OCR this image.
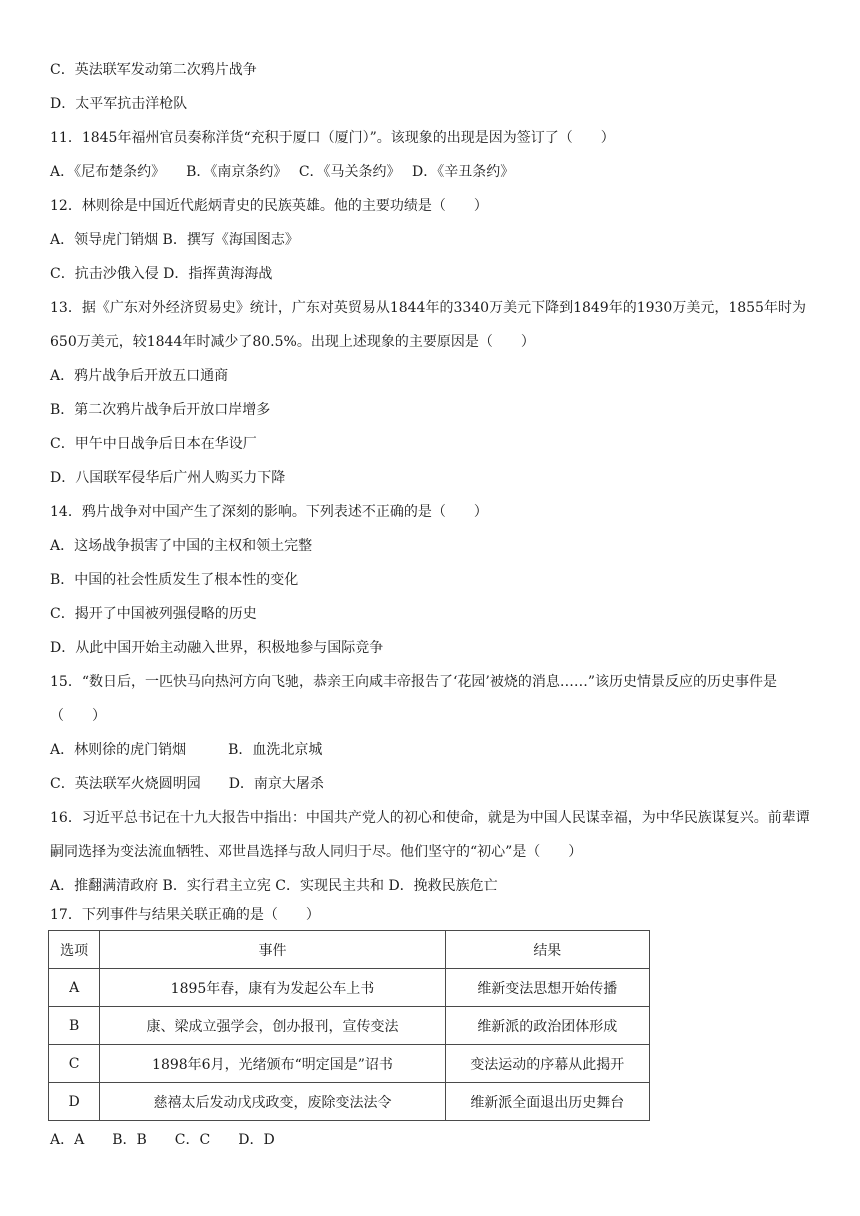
C．英法联军发动第二次鸦片战争
D．太平军抗击洋枪队
11．1845年福州官员奏称洋货“充积于厦口（厦门）”。该现象的出现是因为签订了（　　）
A．《尼布楚条约》　　B．《南京条约》　 C．《马关条约》　 D．《辛丑条约》
12．林则徐是中国近代彪炳青史的民族英雄。他的主要功绩是（　　）
A．领导虎门销烟 B．撰写《海国图志》
C．抗击沙俄入侵 D．指挥黄海海战
13．据《广东对外经济贸易史》统计，广东对英贸易从1844年的3340万美元下降到1849年的1930万美元，1855年时为650万美元，较1844年时减少了80.5%。出现上述现象的主要原因是（　　）
A．鸦片战争后开放五口通商
B．第二次鸦片战争后开放口岸增多
C．甲午中日战争后日本在华设厂
D．八国联军侵华后广州人购买力下降
14．鸦片战争对中国产生了深刻的影响。下列表述不正确的是（　　）
A．这场战争损害了中国的主权和领土完整
B．中国的社会性质发生了根本性的变化
C．揭开了中国被列强侵略的历史
D．从此中国开始主动融入世界，积极地参与国际竞争
15．“数日后，一匹快马向热河方向飞驰，恭亲王向咸丰帝报告了‘花园’被烧的消息……”该历史情景反应的历史事件是（　　）
A．林则徐的虎门销烟　　　B．血洗北京城
C．英法联军火烧圆明园　　D．南京大屠杀
16．习近平总书记在十九大报告中指出：中国共产党人的初心和使命，就是为中国人民谋幸福，为中华民族谋复兴。前辈谭嗣同选择为变法流血牺牲、邓世昌选择与敌人同归于尽。他们坚守的“初心”是（　　）
A．推翻满清政府 B．实行君主立宪 C．实现民主共和 D．挽救民族危亡
17．下列事件与结果关联正确的是（　　）
选项	事件	结果
A	1895年春，康有为发起公车上书	维新变法思想开始传播
B	康、梁成立强学会，创办报刊，宣传变法	维新派的政治团体形成
C	1898年6月，光绪颁布“明定国是”诏书	变法运动的序幕从此揭开
D	慈禧太后发动戊戌政变，废除变法法令	维新派全面退出历史舞台
A．A　　B．B　　C．C　　D．D
